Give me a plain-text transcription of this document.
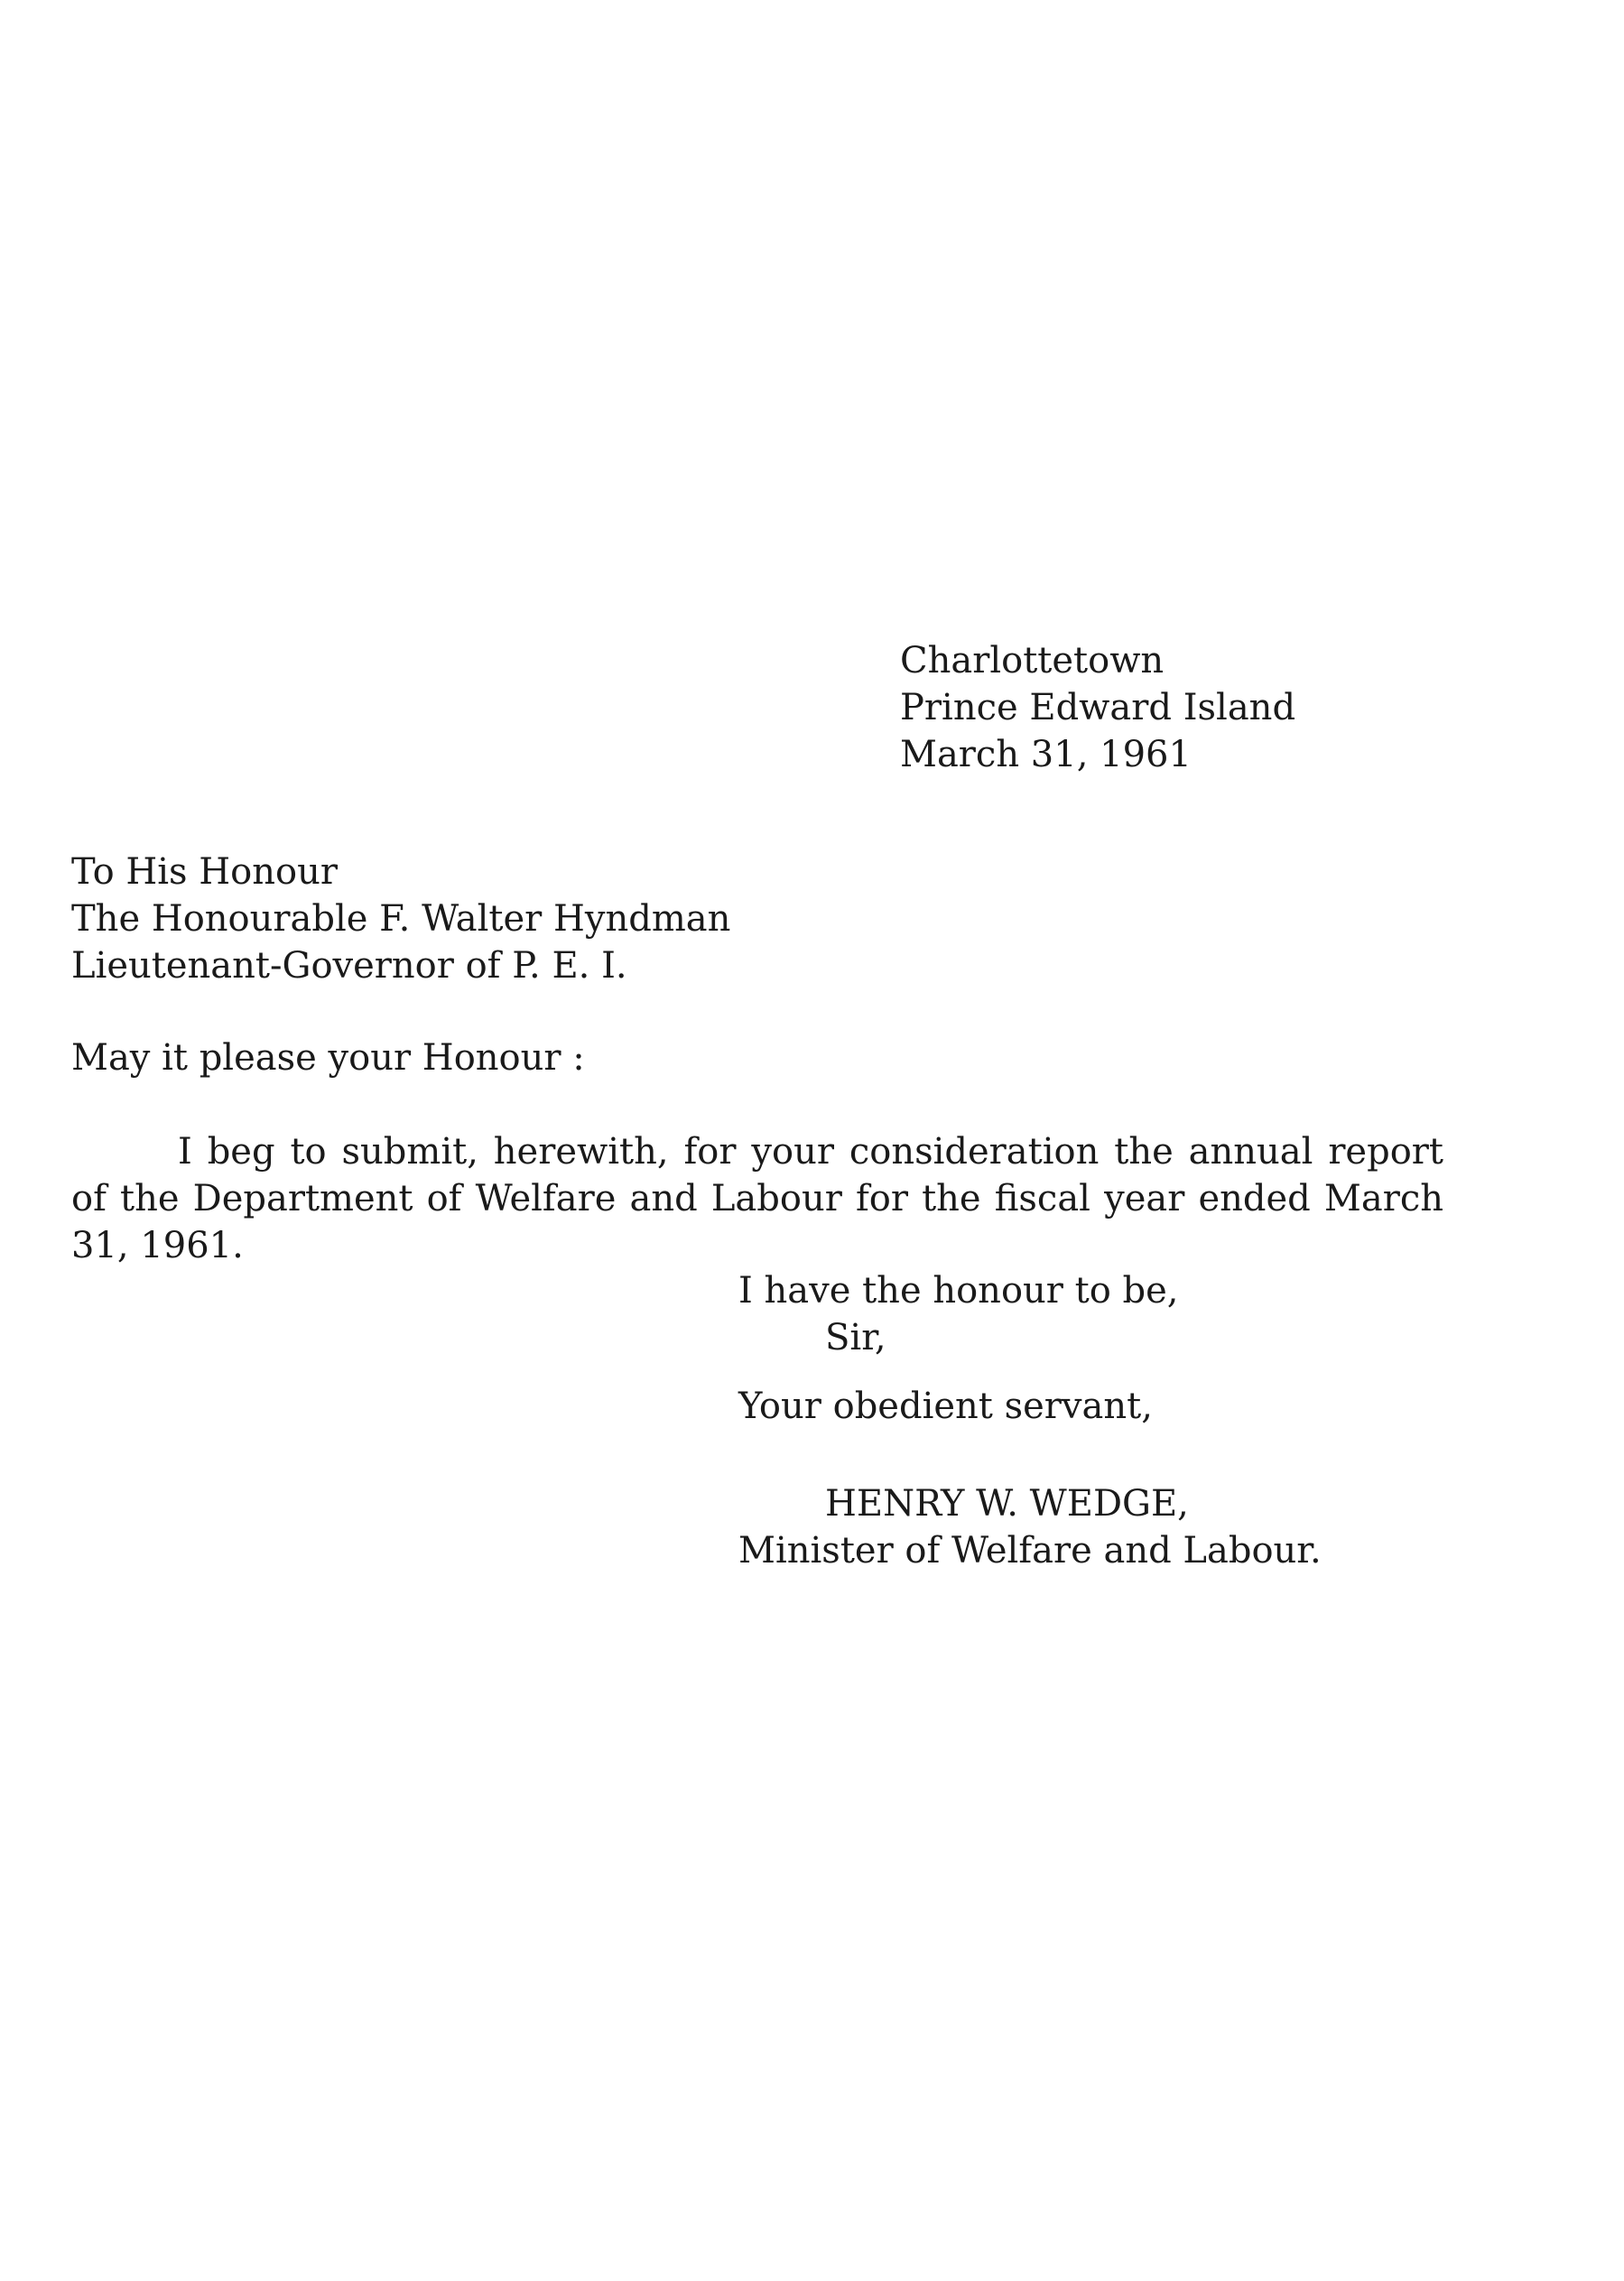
Charlottetown
Prince Edward Island
March 31, 1961
To His Honour
The Honourable F. Walter Hyndman
Lieutenant-Governor of P. E. I.
May it please your Honour :
I beg to submit, herewith, for your consideration the annual report
of the Department of Welfare and Labour for the fiscal year ended March
31, 1961.
I have the honour to be,
Sir,
Your obedient servant,
HENRY W. WEDGE,
Minister of Welfare and Labour.
